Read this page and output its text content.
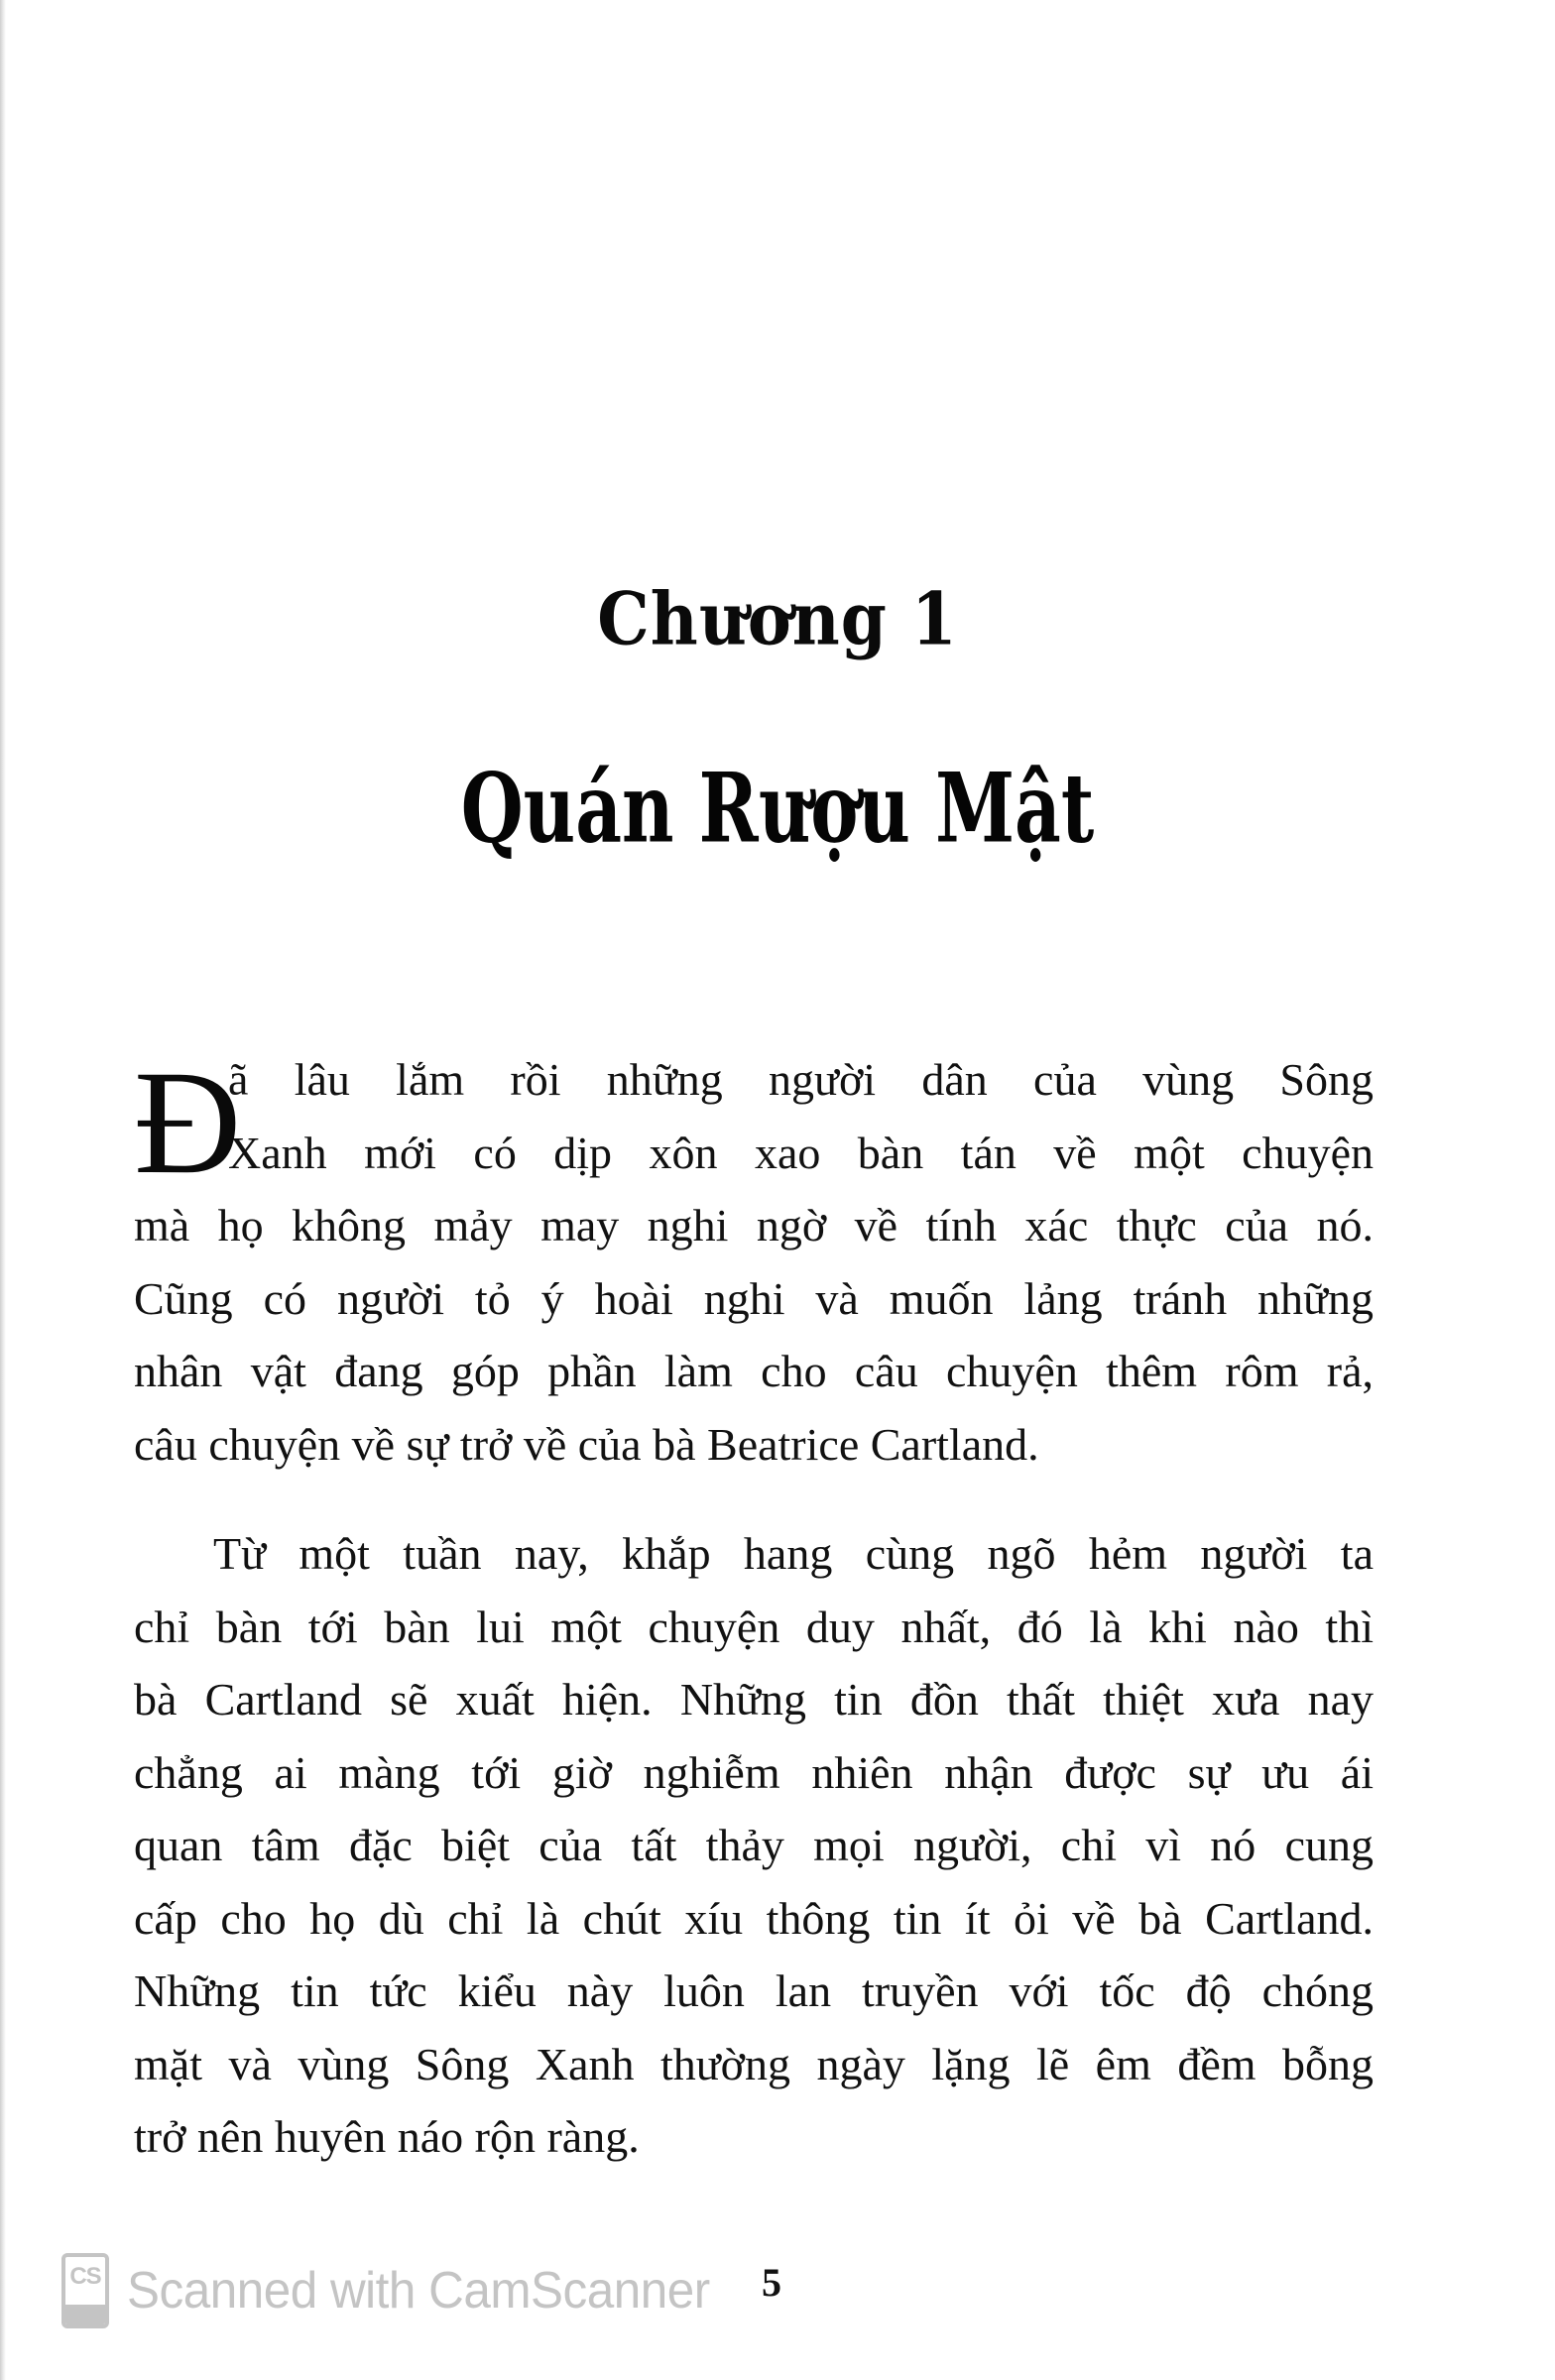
Chương 1
Quán Rượu Mật
Đ
ã lâu lắm rồi những người dân của vùng Sông
Xanh mới có dịp xôn xao bàn tán về một chuyện
mà họ không mảy may nghi ngờ về tính xác thực của nó.
Cũng có người tỏ ý hoài nghi và muốn lảng tránh những
nhân vật đang góp phần làm cho câu chuyện thêm rôm rả,
câu chuyện về sự trở về của bà Beatrice Cartland.
Từ một tuần nay, khắp hang cùng ngõ hẻm người ta
chỉ bàn tới bàn lui một chuyện duy nhất, đó là khi nào thì
bà Cartland sẽ xuất hiện. Những tin đồn thất thiệt xưa nay
chẳng ai màng tới giờ nghiễm nhiên nhận được sự ưu ái
quan tâm đặc biệt của tất thảy mọi người, chỉ vì nó cung
cấp cho họ dù chỉ là chút xíu thông tin ít ỏi về bà Cartland.
Những tin tức kiểu này luôn lan truyền với tốc độ chóng
mặt và vùng Sông Xanh thường ngày lặng lẽ êm đềm bỗng
trở nên huyên náo rộn ràng.
CS Scanned with CamScanner 5
